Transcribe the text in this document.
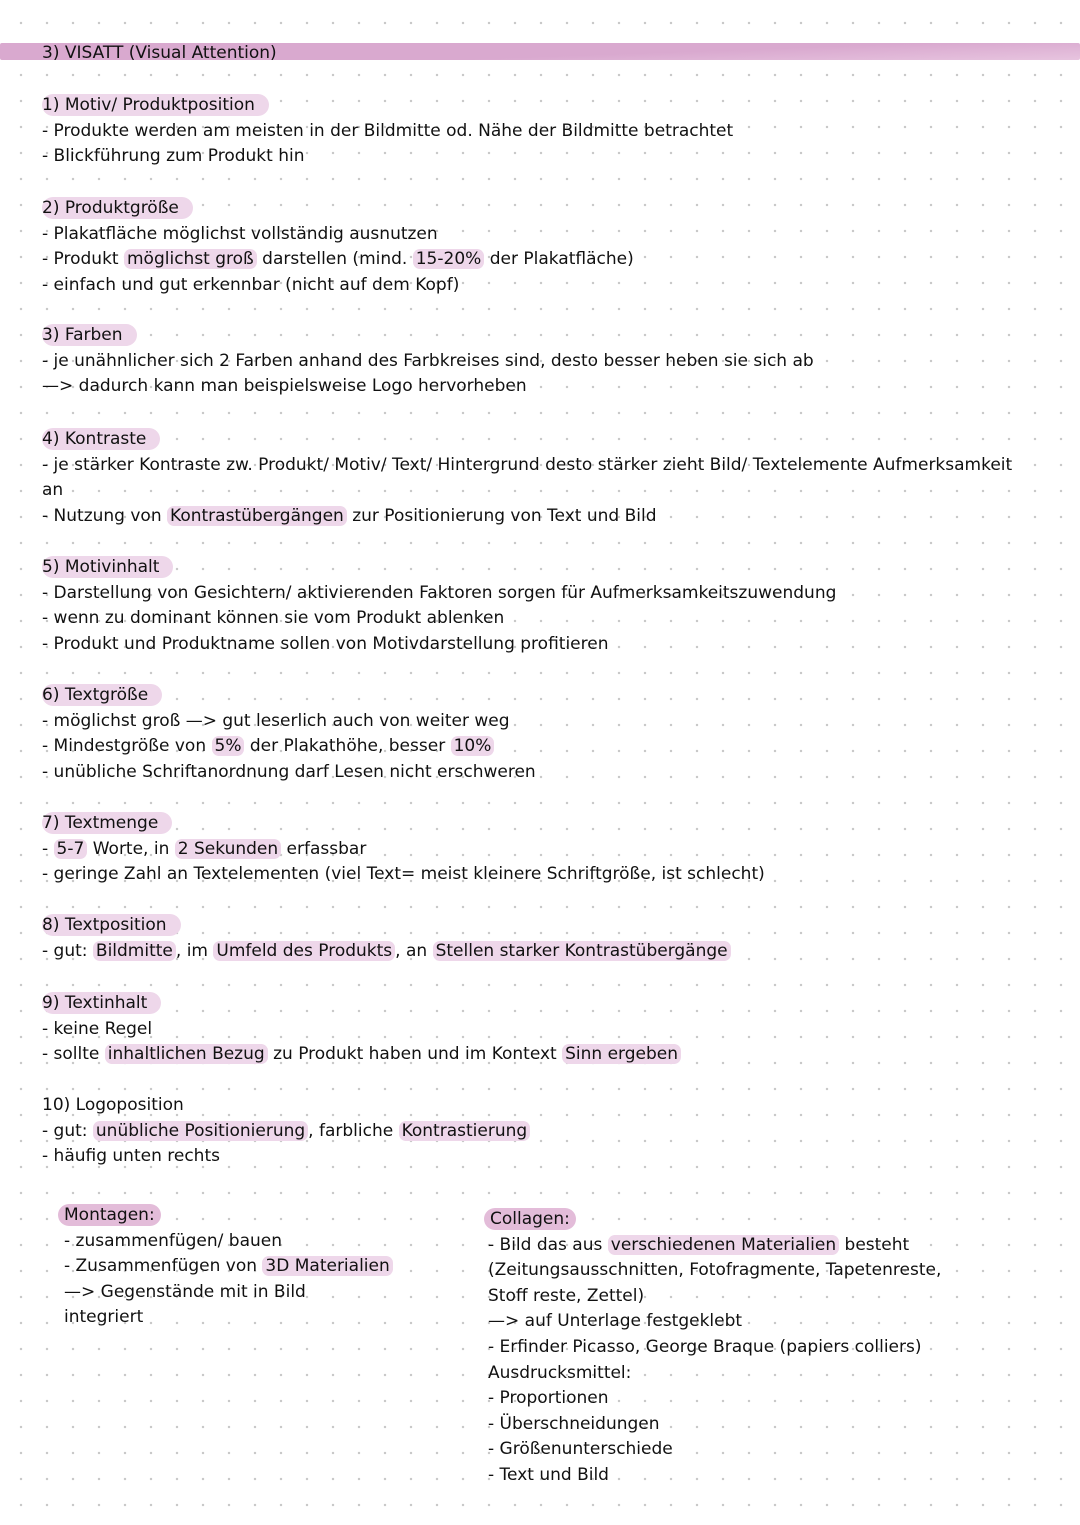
3) VISATT (Visual Attention)
1) Motiv/ Produktposition
- Produkte werden am meisten in der Bildmitte od. Nähe der Bildmitte betrachtet
- Blickführung zum Produkt hin
2) Produktgröße
- Plakatfläche möglichst vollständig ausnutzen
- Produkt möglichst groß darstellen (mind. 15-20% der Plakatfläche)
- einfach und gut erkennbar (nicht auf dem Kopf)
3) Farben
- je unähnlicher sich 2 Farben anhand des Farbkreises sind, desto besser heben sie sich ab
—> dadurch kann man beispielsweise Logo hervorheben
4) Kontraste
- je stärker Kontraste zw. Produkt/ Motiv/ Text/ Hintergrund desto stärker zieht Bild/ Textelemente Aufmerksamkeit
an
- Nutzung von Kontrastübergängen zur Positionierung von Text und Bild
5) Motivinhalt
- Darstellung von Gesichtern/ aktivierenden Faktoren sorgen für Aufmerksamkeitszuwendung
- wenn zu dominant können sie vom Produkt ablenken
- Produkt und Produktname sollen von Motivdarstellung profitieren
6) Textgröße
- möglichst groß —> gut leserlich auch von weiter weg
- Mindestgröße von 5% der Plakathöhe, besser 10%
- unübliche Schriftanordnung darf Lesen nicht erschweren
7) Textmenge
- 5-7 Worte, in 2 Sekunden erfassbar
- geringe Zahl an Textelementen (viel Text= meist kleinere Schriftgröße, ist schlecht)
8) Textposition
- gut: Bildmitte , im Umfeld des Produkts , an Stellen starker Kontrastübergänge
9) Textinhalt
- keine Regel
- sollte inhaltlichen Bezug zu Produkt haben und im Kontext Sinn ergeben
10) Logoposition
- gut: unübliche Positionierung , farbliche Kontrastierung
- häufig unten rechts
Montagen:
- zusammenfügen/ bauen
- Zusammenfügen von 3D Materialien
—> Gegenstände mit in Bild
integriert
Collagen:
- Bild das aus verschiedenen Materialien besteht
(Zeitungsausschnitten, Fotofragmente, Tapetenreste,
Stoff reste, Zettel)
—> auf Unterlage festgeklebt
- Erfinder Picasso, George Braque (papiers colliers)
Ausdrucksmittel:
- Proportionen
- Überschneidungen
- Größenunterschiede
- Text und Bild
